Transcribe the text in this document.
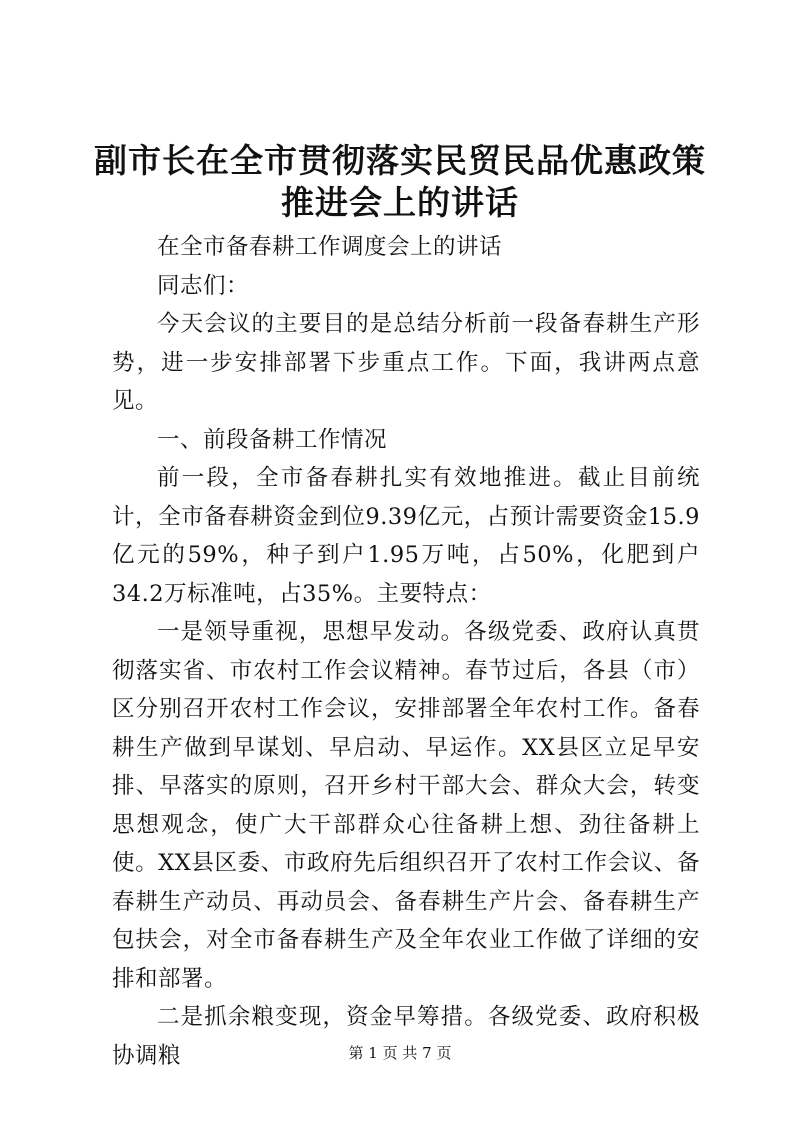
副市长在全市贯彻落实民贸民品优惠政策推进会上的讲话

在全市备春耕工作调度会上的讲话

同志们：

今天会议的主要目的是总结分析前一段备春耕生产形势，进一步安排部署下步重点工作。下面，我讲两点意见。

一、前段备耕工作情况

前一段，全市备春耕扎实有效地推进。截止目前统计，全市备春耕资金到位9.39亿元，占预计需要资金15.9亿元的59%，种子到户1.95万吨，占50%，化肥到户34.2万标准吨，占35%。主要特点：

一是领导重视，思想早发动。各级党委、政府认真贯彻落实省、市农村工作会议精神。春节过后，各县（市）区分别召开农村工作会议，安排部署全年农村工作。备春耕生产做到早谋划、早启动、早运作。XX县区立足早安排、早落实的原则，召开乡村干部大会、群众大会，转变思想观念，使广大干部群众心往备耕上想、劲往备耕上使。XX县区委、市政府先后组织召开了农村工作会议、备春耕生产动员、再动员会、备春耕生产片会、备春耕生产包扶会，对全市备春耕生产及全年农业工作做了详细的安排和部署。

二是抓余粮变现，资金早筹措。各级党委、政府积极协调粮	第 1 页 共 7 页
